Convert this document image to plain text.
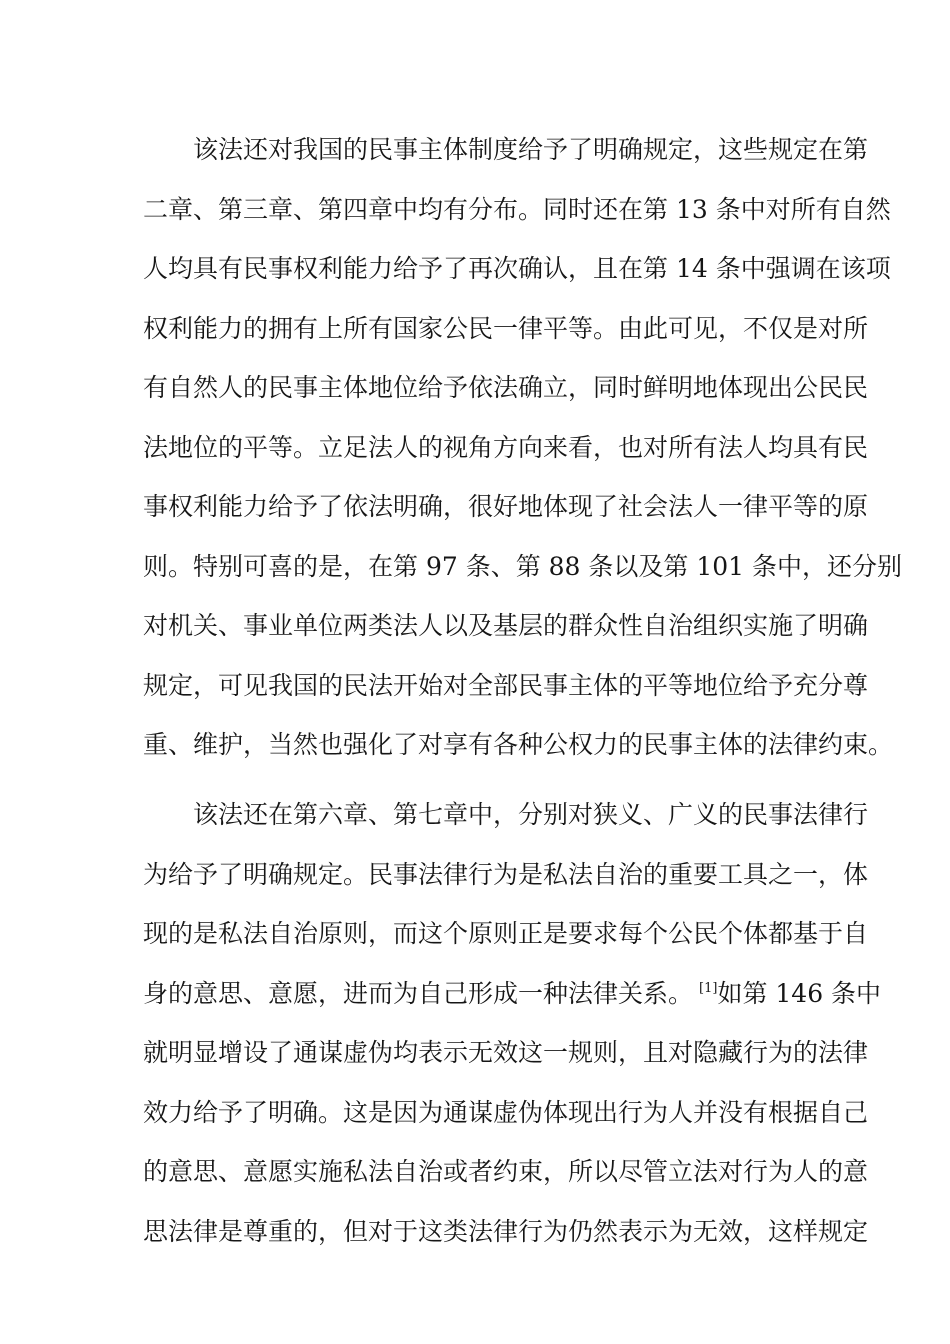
该法还对我国的民事主体制度给予了明确规定，这些规定在第
二章、第三章、第四章中均有分布。同时还在第 13 条中对所有自然
人均具有民事权利能力给予了再次确认，且在第 14 条中强调在该项
权利能力的拥有上所有国家公民一律平等。由此可见，不仅是对所
有自然人的民事主体地位给予依法确立，同时鲜明地体现出公民民
法地位的平等。立足法人的视角方向来看，也对所有法人均具有民
事权利能力给予了依法明确，很好地体现了社会法人一律平等的原
则。特别可喜的是，在第 97 条、第 88 条以及第 101 条中，还分别
对机关、事业单位两类法人以及基层的群众性自治组织实施了明确
规定，可见我国的民法开始对全部民事主体的平等地位给予充分尊
重、维护，当然也强化了对享有各种公权力的民事主体的法律约束。
该法还在第六章、第七章中，分别对狭义、广义的民事法律行
为给予了明确规定。民事法律行为是私法自治的重要工具之一，体
现的是私法自治原则，而这个原则正是要求每个公民个体都基于自
身的意思、意愿，进而为自己形成一种法律关系。 [1]如第 146 条中
就明显增设了通谋虚伪均表示无效这一规则，且对隐藏行为的法律
效力给予了明确。这是因为通谋虚伪体现出行为人并没有根据自己
的意思、意愿实施私法自治或者约束，所以尽管立法对行为人的意
思法律是尊重的，但对于这类法律行为仍然表示为无效，这样规定
